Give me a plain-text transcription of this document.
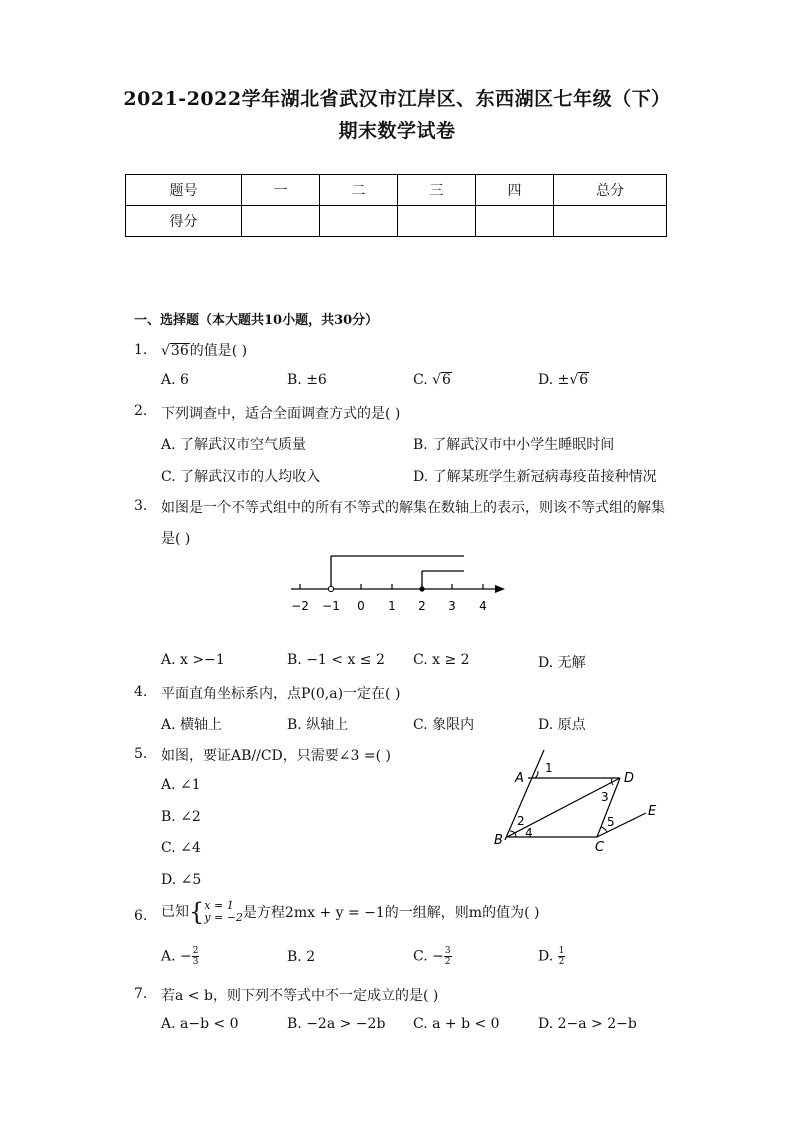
2021-2022学年湖北省武汉市江岸区、东西湖区七年级（下）
期末数学试卷
题号	一	二	三	四	总分
得分					
一、选择题（本大题共10小题，共30分）
1. √36的值是( )
A. 6	B. ±6	C. √6	D. ±√6
2. 下列调查中，适合全面调查方式的是( )
A. 了解武汉市空气质量	B. 了解武汉市中小学生睡眠时间
C. 了解武汉市的人均收入	D. 了解某班学生新冠病毒疫苗接种情况
3. 如图是一个不等式组中的所有不等式的解集在数轴上的表示，则该不等式组的解集
是( )
−2 −1 0 1 2 3 4
A. x >−1	B. −1 < x ≤ 2 C. x ≥ 2	D. 无解
4. 平面直角坐标系内，点P(0,a)一定在( )
A. 横轴上	B. 纵轴上	C. 象限内	D. 原点
5. 如图，要证AB//CD，只需要∠3 =( )
A. ∠1
B. ∠2
C. ∠4
D. ∠5
A
B	C
D
E
1
2
3
4
5
6. 已知{ x = 1
y = −2 是方程2mx + y = −1的一组解，则m的值为( )
A. − $\frac{2}{3}$	B. 2	C. − $\frac{3}{2}$	D. $\frac{1}{2}$
7. 若a < b，则下列不等式中不一定成立的是( )
A. a−b < 0	B. −2a > −2b C. a + b < 0	D. 2−a > 2−b
